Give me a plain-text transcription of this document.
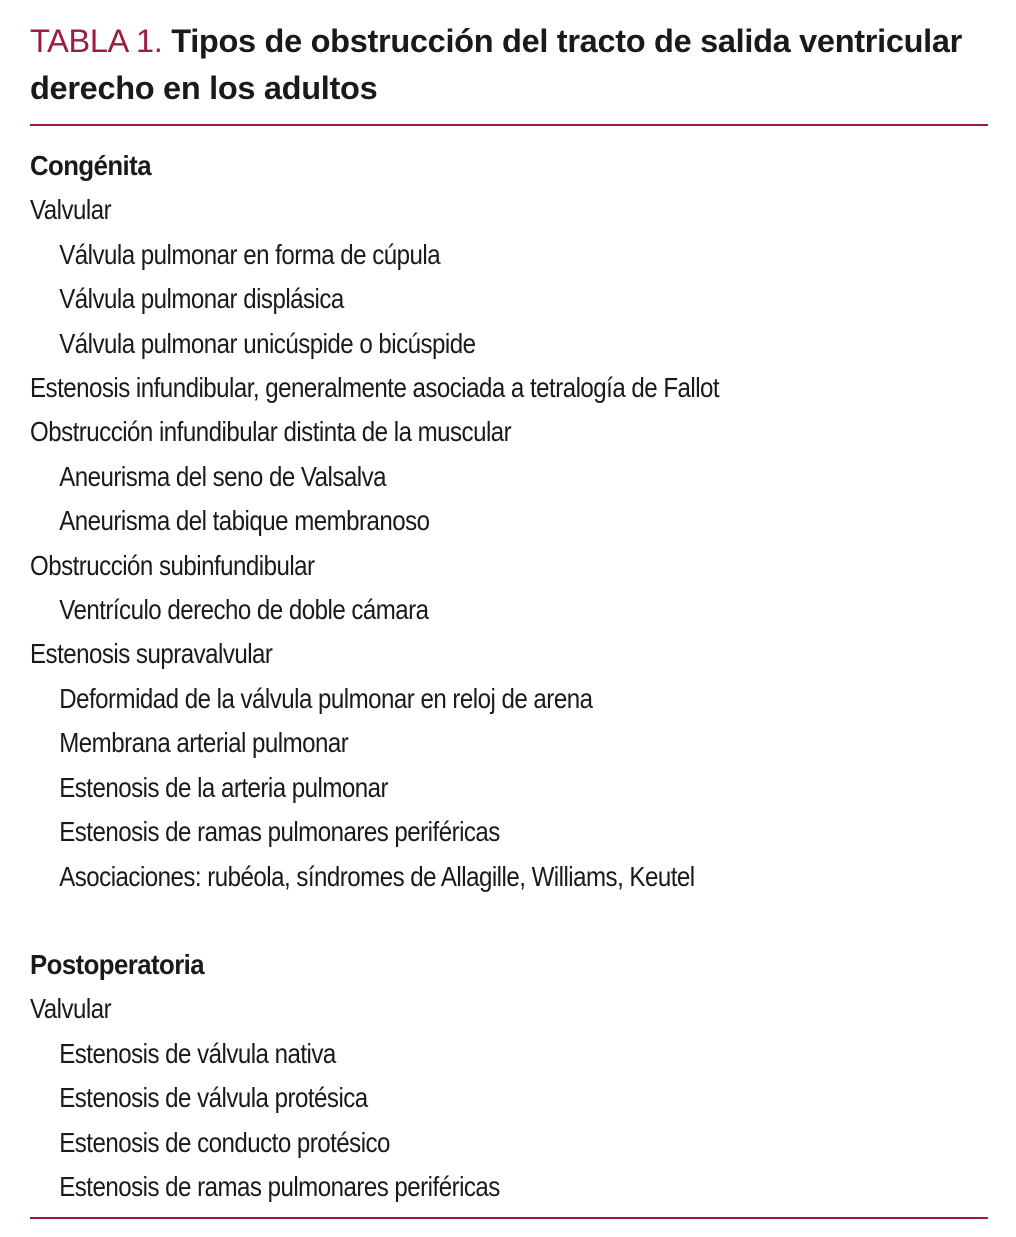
TABLA 1. Tipos de obstrucción del tracto de salida ventricular derecho en los adultos
Congénita
Valvular
Válvula pulmonar en forma de cúpula
Válvula pulmonar displásica
Válvula pulmonar unicúspide o bicúspide
Estenosis infundibular, generalmente asociada a tetralogía de Fallot
Obstrucción infundibular distinta de la muscular
Aneurisma del seno de Valsalva
Aneurisma del tabique membranoso
Obstrucción subinfundibular
Ventrículo derecho de doble cámara
Estenosis supravalvular
Deformidad de la válvula pulmonar en reloj de arena
Membrana arterial pulmonar
Estenosis de la arteria pulmonar
Estenosis de ramas pulmonares periféricas
Asociaciones: rubéola, síndromes de Allagille, Williams, Keutel
Postoperatoria
Valvular
Estenosis de válvula nativa
Estenosis de válvula protésica
Estenosis de conducto protésico
Estenosis de ramas pulmonares periféricas
